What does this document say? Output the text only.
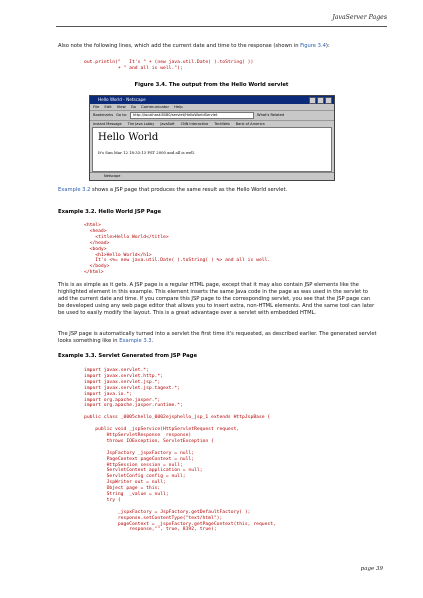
JavaServer Pages
Also note the following lines, which add the current date and time to the response (shown in Figure 3.4):
out.println("   It's " + (new java.util.Date( ).toString( ))
+ " and all is well.");
Figure 3.4. The output from the Hello World servlet
Hello World - Netscape
File Edit View Go Communicator Help
Bookmarks Go to:	http://localhost:8080/servlet/HelloWorldServlet	What's Related
Instant Message The Java Lobby JavaSoft CNN Interactive TechWeb Bank of America
Hello World
It's Sun Mar 12 18:33:13 PST 2000 and all is well.
Netscape
Example 3.2 shows a JSP page that produces the same result as the Hello World servlet.
Example 3.2. Hello World JSP Page
<html>
<head>
<title>Hello World</title>
</head>
<body>
<h1>Hello World</h1>
It's <%= new java.util.Date( ).toString( ) %> and all is well.
</body>
</html>
This is as simple as it gets. A JSP page is a regular HTML page, except that it may also contain JSP elements like the highlighted element in this example. This element inserts the same Java code in the page as was used in the servlet to add the current date and time. If you compare this JSP page to the corresponding servlet, you see that the JSP page can be developed using any web page editor that allows you to insert extra, non-HTML elements. And the same tool can later be used to easily modify the layout. This is a great advantage over a servlet with embedded HTML.
The JSP page is automatically turned into a servlet the first time it's requested, as described earlier. The generated servlet looks something like in Example 3.3.
Example 3.3. Servlet Generated from JSP Page
import javax.servlet.*;
import javax.servlet.http.*;
import javax.servlet.jsp.*;
import javax.servlet.jsp.tagext.*;
import java.io.*;
import org.apache.jasper.*;
import org.apache.jasper.runtime.*;

public class _0005chello_0002ejsphello_jsp_1 extends HttpJspBase {

public void _jspService(HttpServletRequest request,
HttpServletResponse  response)
throws IOException, ServletException {

JspFactory _jspxFactory = null;
PageContext pageContext = null;
HttpSession session = null;
ServletContext application = null;
ServletConfig config = null;
JspWriter out = null;
Object page = this;
String  _value = null;
try {

_jspxFactory = JspFactory.getDefaultFactory( );
response.setContentType("text/html");
pageContext = _jspxFactory.getPageContext(this, request,
response,"", true, 8192, true);
page 39
